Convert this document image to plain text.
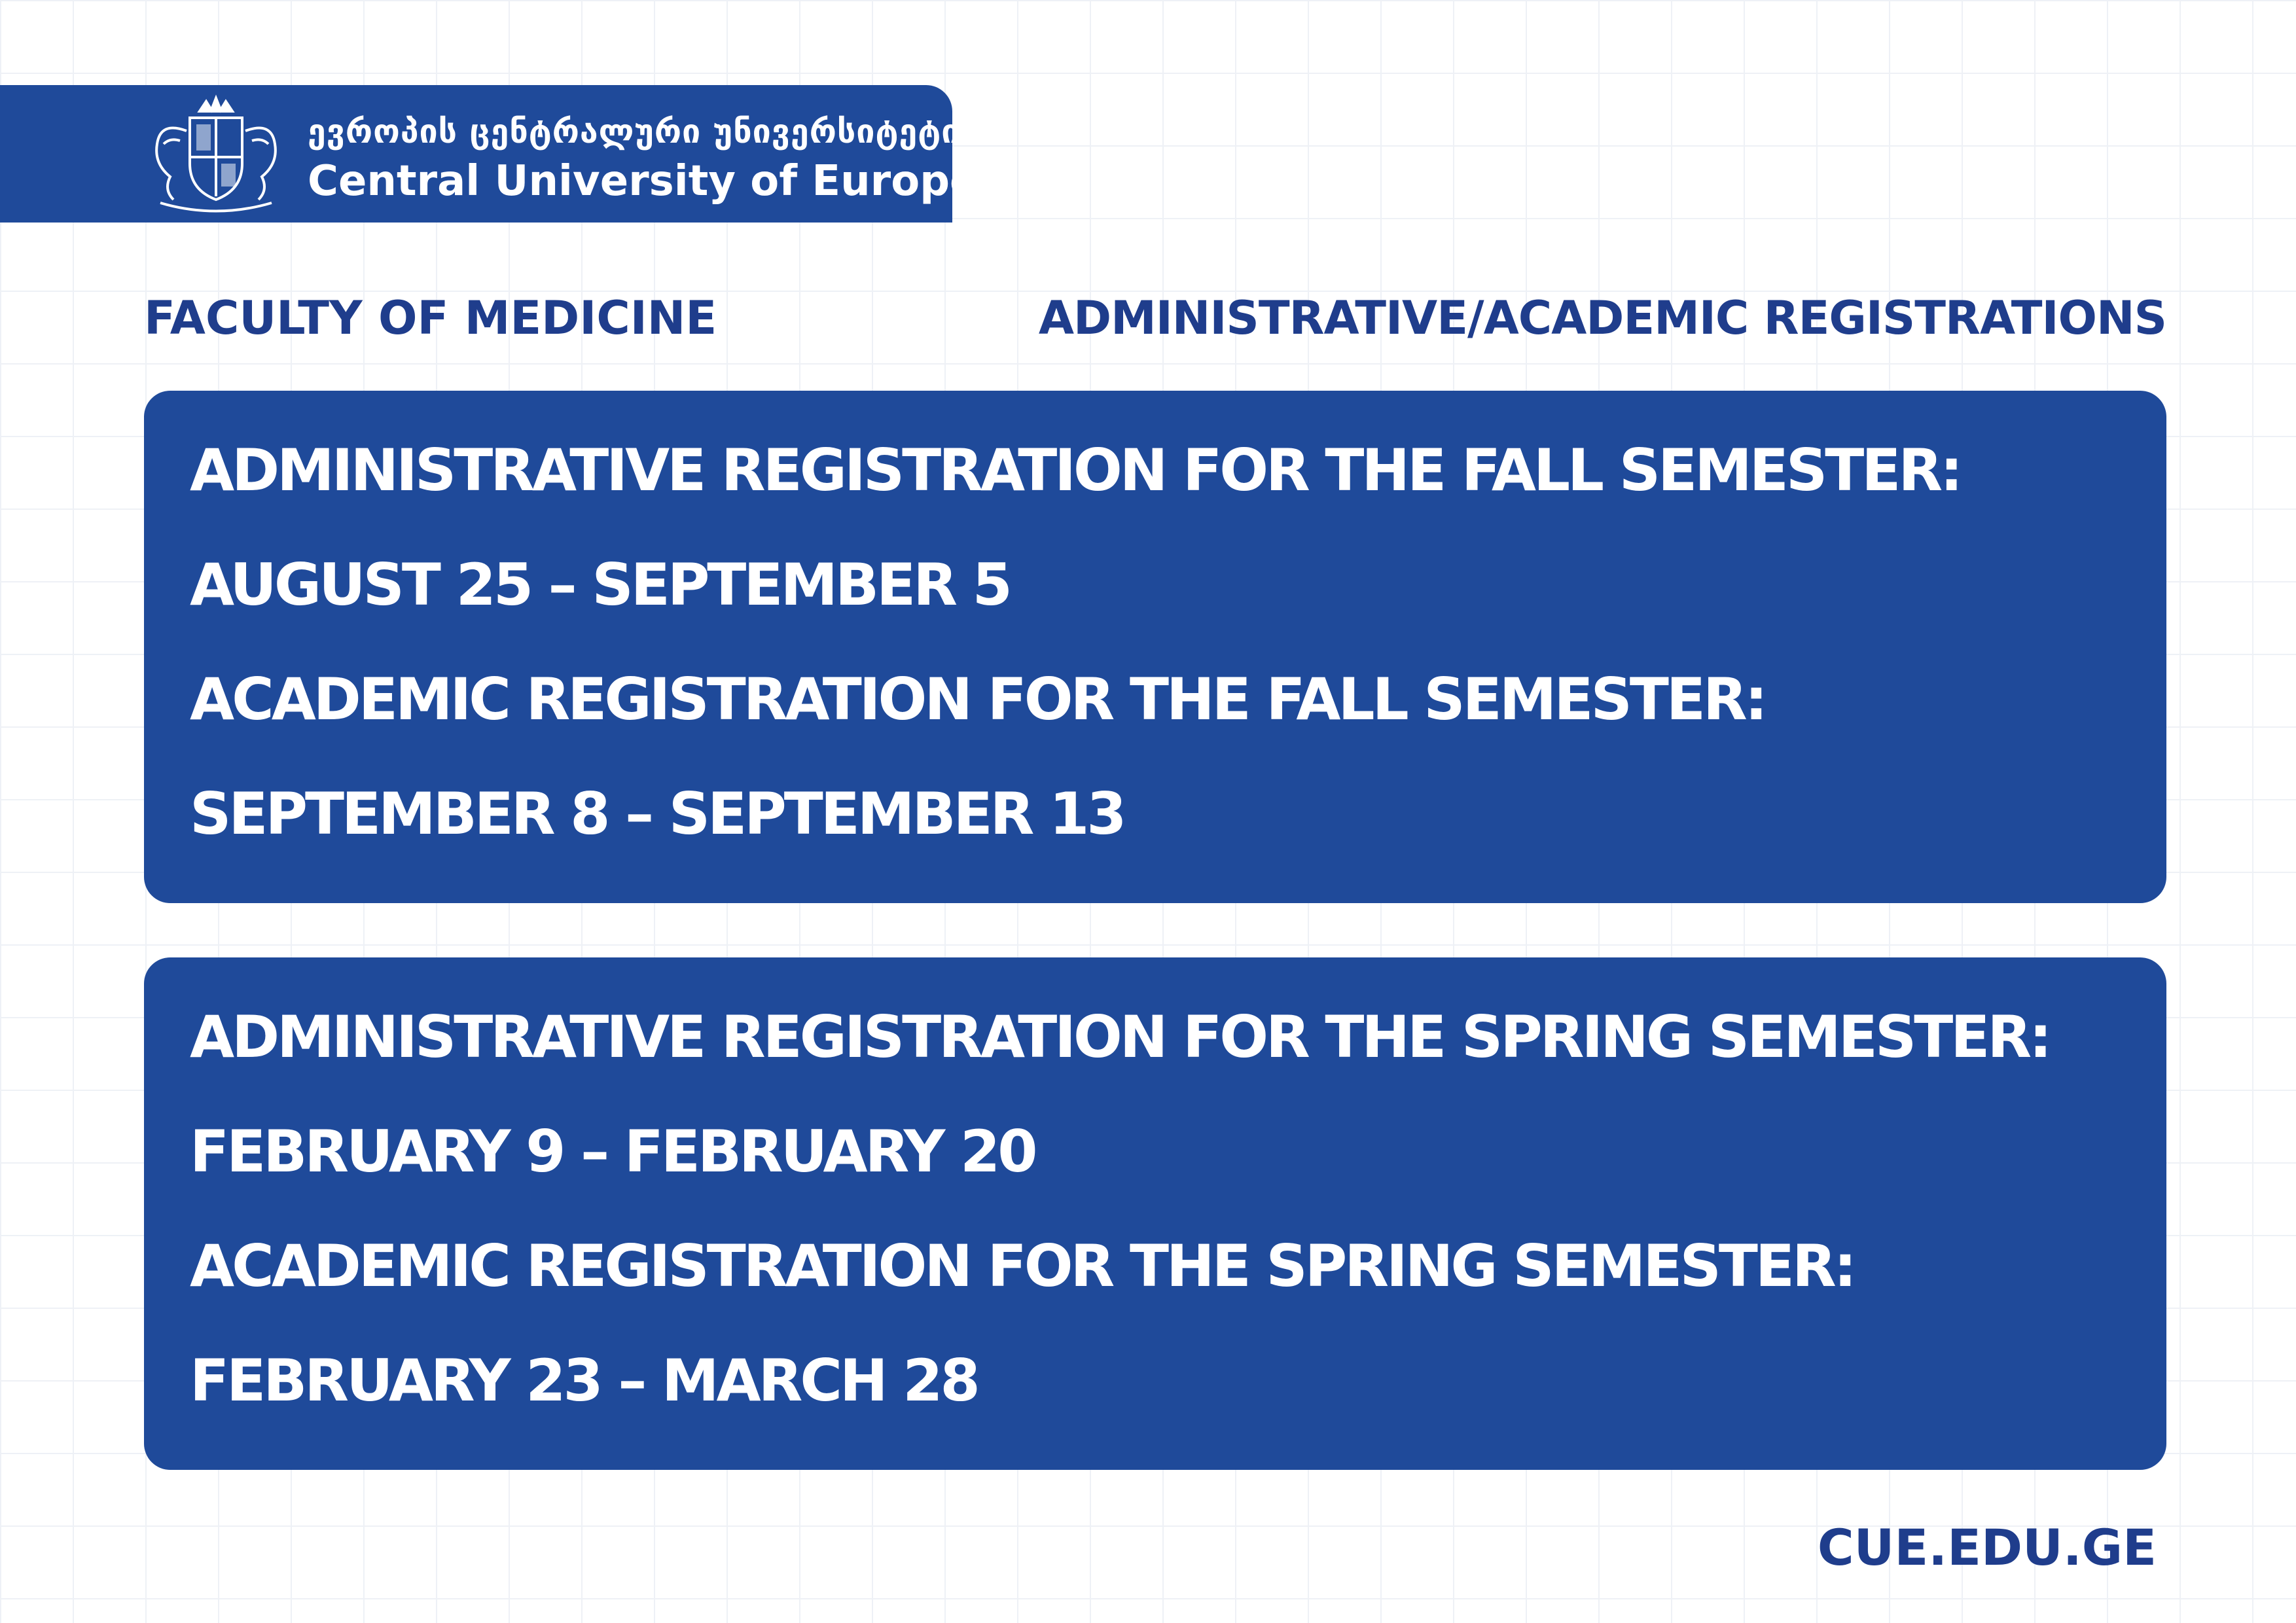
ევროპის ცენტრალური უნივერსიტეტი
Central University of Europe
FACULTY OF MEDICINE	ADMINISTRATIVE/ACADEMIC REGISTRATIONS
ADMINISTRATIVE REGISTRATION FOR THE FALL SEMESTER:
AUGUST 25 – SEPTEMBER 5
ACADEMIC REGISTRATION FOR THE FALL SEMESTER:
SEPTEMBER 8 – SEPTEMBER 13
ADMINISTRATIVE REGISTRATION FOR THE SPRING SEMESTER:
FEBRUARY 9 – FEBRUARY 20
ACADEMIC REGISTRATION FOR THE SPRING SEMESTER:
FEBRUARY 23 – MARCH 28
CUE.EDU.GE
